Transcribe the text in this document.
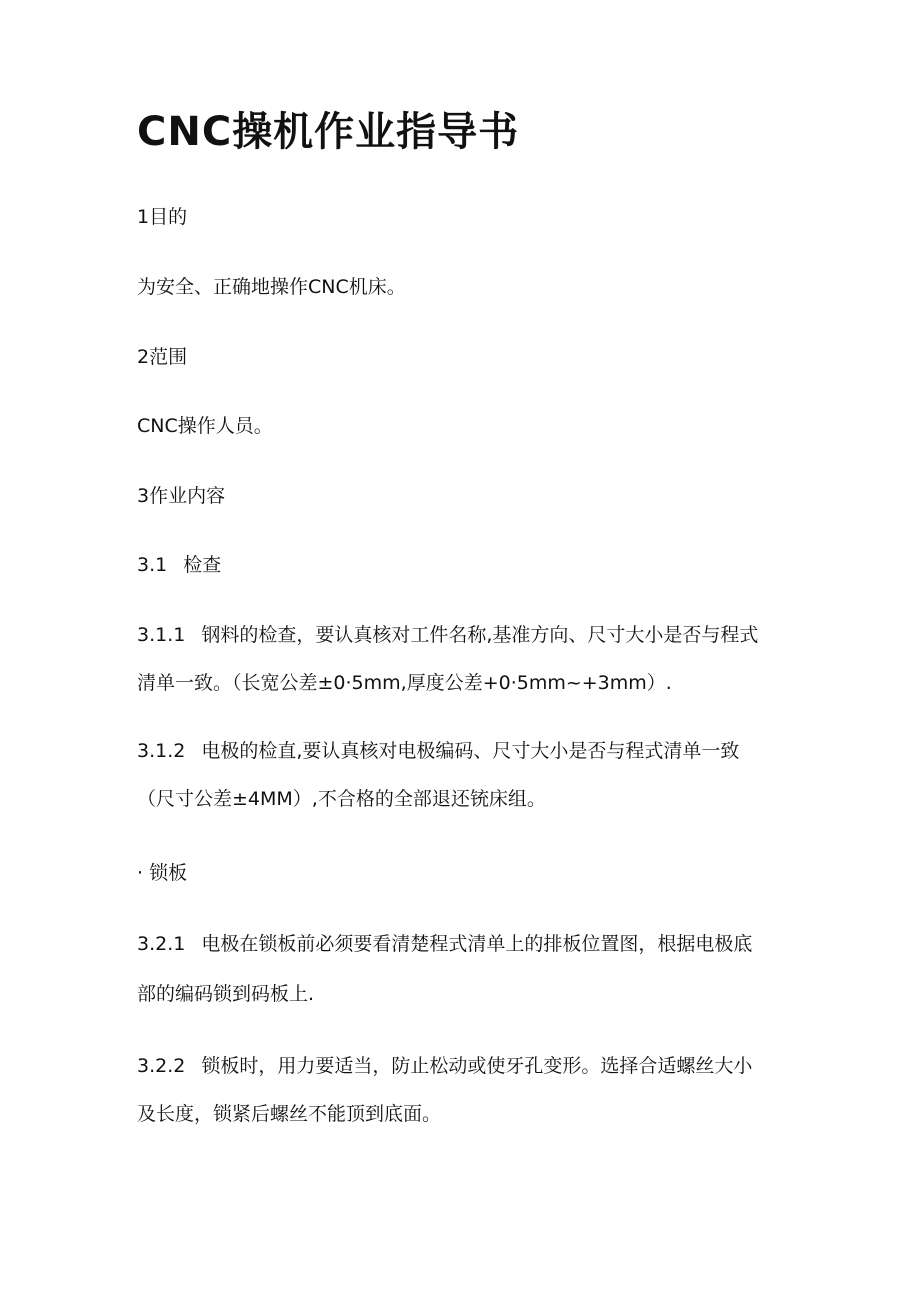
CNC操机作业指导书
1目的
为安全、正确地操作CNC机床。
2范围
CNC操作人员。
3作业内容
3.1 检查
3.1.1 钢料的检查，要认真核对工件名称,基准方向、尺寸大小是否与程式
清单一致。（长宽公差±0·5mm,厚度公差+0·5mm~+3mm）.
3.1.2 电极的检直,要认真核对电极编码、尺寸大小是否与程式清单一致
（尺寸公差±4MM）,不合格的全部退还铳床组。
· 锁板
3.2.1 电极在锁板前必须要看清楚程式清单上的排板位置图，根据电极底
部的编码锁到码板上.
3.2.2 锁板时，用力要适当，防止松动或使牙孔变形。选择合适螺丝大小
及长度，锁紧后螺丝不能顶到底面。
